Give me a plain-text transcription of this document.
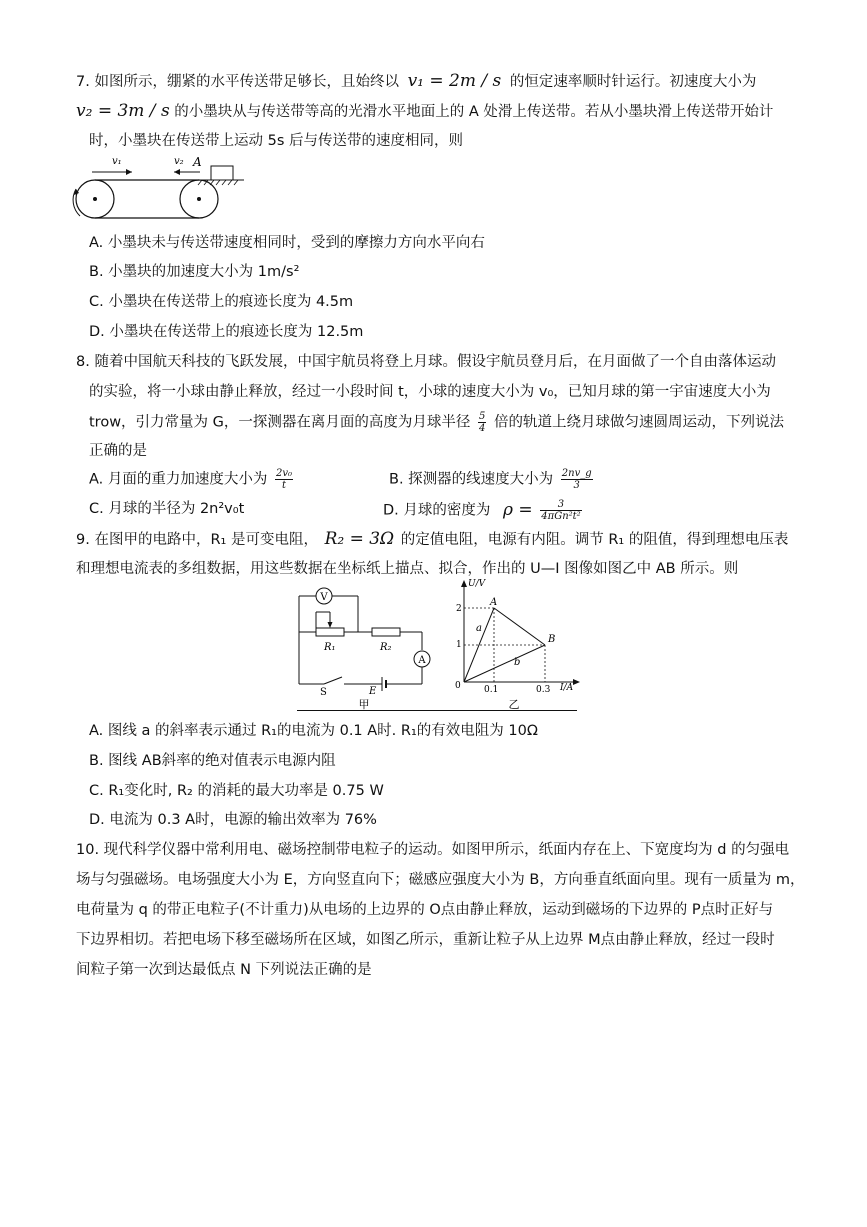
7. 如图所示，绷紧的水平传送带足够长，且始终以 v₁ = 2m / s 的恒定速率顺时针运行。初速度大小为
v₂ = 3m / s 的小墨块从与传送带等高的光滑水平地面上的 A 处滑上传送带。若从小墨块滑上传送带开始计
时，小墨块在传送带上运动 5s 后与传送带的速度相同，则
v₁	v₂ A
A. 小墨块未与传送带速度相同时，受到的摩擦力方向水平向右
B. 小墨块的加速度大小为 1m/s²
C. 小墨块在传送带上的痕迹长度为 4.5m
D. 小墨块在传送带上的痕迹长度为 12.5m
8. 随着中国航天科技的飞跃发展，中国宇航员将登上月球。假设宇航员登月后，在月面做了一个自由落体运动
的实验，将一小球由静止释放，经过一小段时间 t，小球的速度大小为 v₀，已知月球的第一宇宙速度大小为
trow，引力常量为 G，一探测器在离月面的高度为月球半径 $\frac{5}{4}$ 倍的轨道上绕月球做匀速圆周运动，下列说法
正确的是
A. 月面的重力加速度大小为 $\frac{\text{2v₀}}{t}$	B. 探测器的线速度大小为 $\frac{2nv\_g}{3}$
C. 月球的半径为 2n²v₀t	D. 月球的密度为 $\rho = \frac{3}{\text{4πGn²t²}}$
9. 在图甲的电路中，R₁ 是可变电阻， R₂ = 3Ω 的定值电阻，电源有内阻。调节 R₁ 的阻值，得到理想电压表
和理想电流表的多组数据，用这些数据在坐标纸上描点、拟合，作出的 U—I 图像如图乙中 AB 所示。则
V
R₁	R₂
A
S	E
甲
U/V
I/A
2
1
0	0.1	0.3
A
B
a
b
乙
A. 图线 a 的斜率表示通过 R₁的电流为 0.1 A时. R₁的有效电阻为 10Ω
B. 图线 AB斜率的绝对值表示电源内阻
C. R₁变化时, R₂ 的消耗的最大功率是 0.75 W
D. 电流为 0.3 A时，电源的输出效率为 76%
10. 现代科学仪器中常利用电、磁场控制带电粒子的运动。如图甲所示，纸面内存在上、下宽度均为 d 的匀强电
场与匀强磁场。电场强度大小为 E，方向竖直向下；磁感应强度大小为 B，方向垂直纸面向里。现有一质量为 m，
电荷量为 q 的带正电粒子(不计重力)从电场的上边界的 O点由静止释放，运动到磁场的下边界的 P点时正好与
下边界相切。若把电场下移至磁场所在区域，如图乙所示，重新让粒子从上边界 M点由静止释放，经过一段时
间粒子第一次到达最低点 N 下列说法正确的是
